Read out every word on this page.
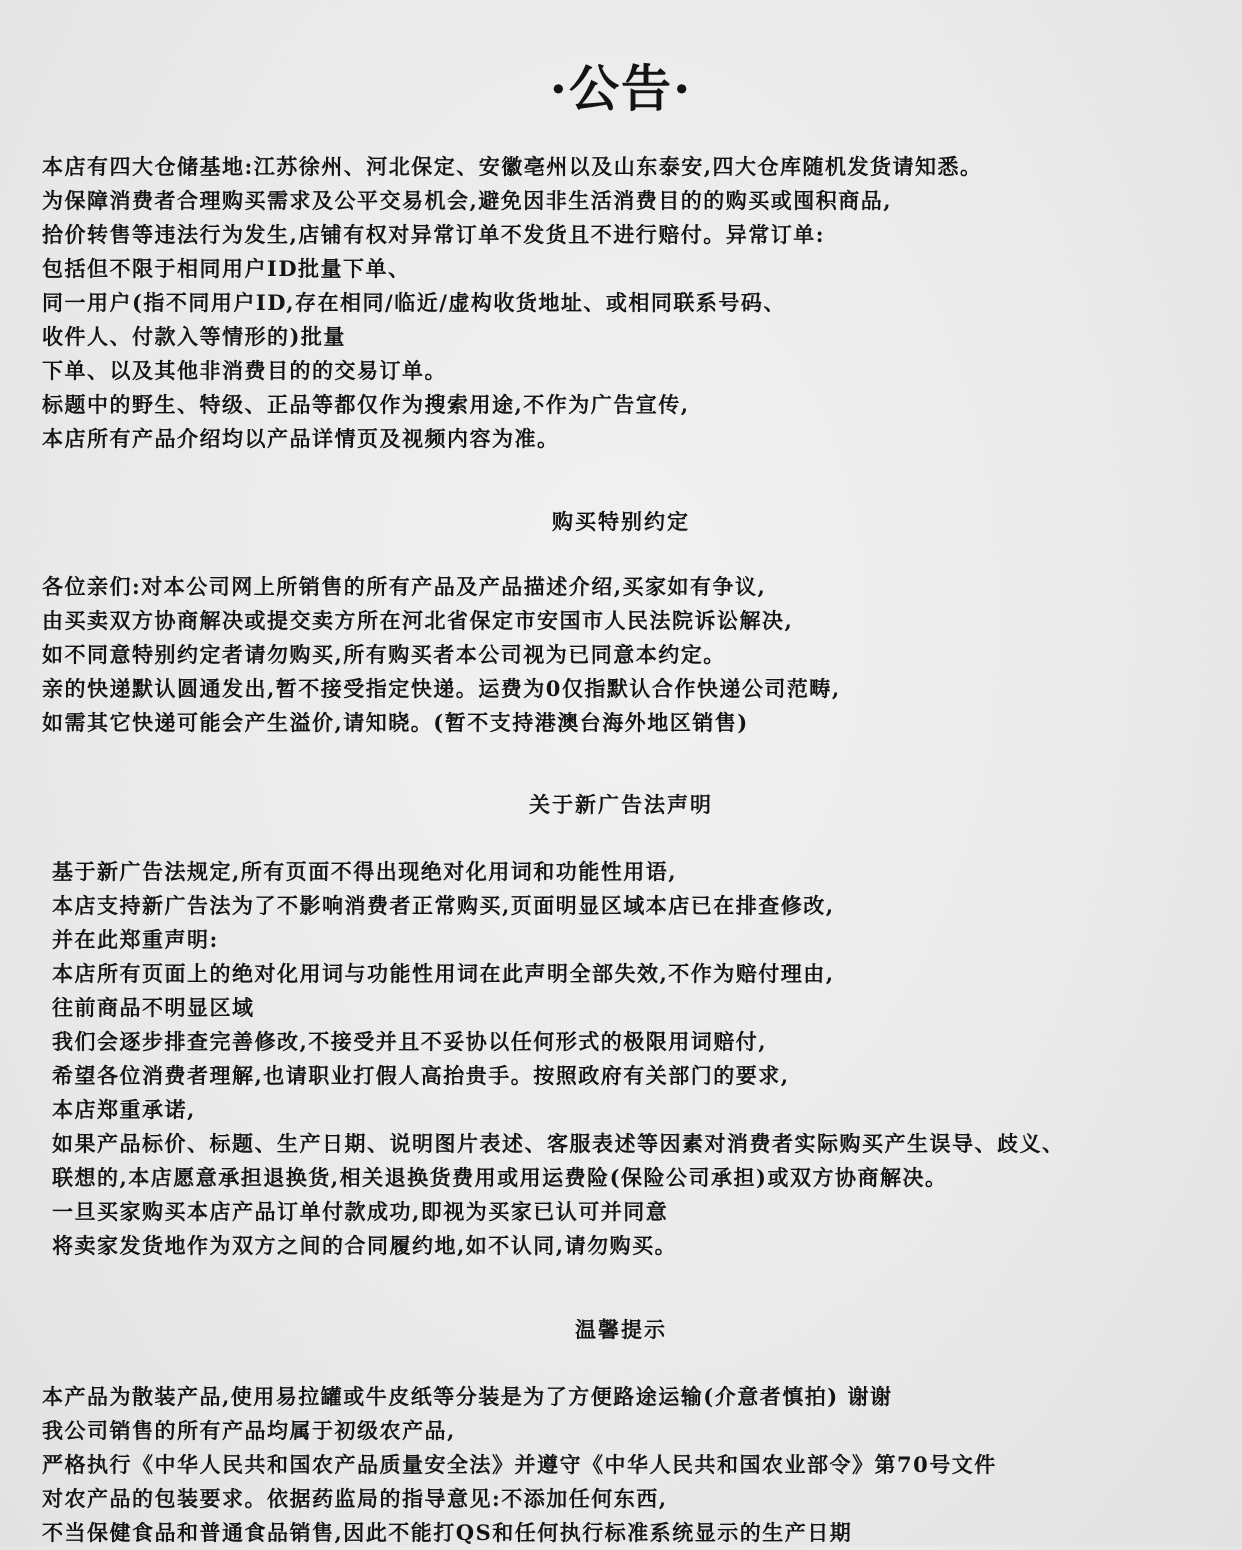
·公告·
本店有四大仓储基地:江苏徐州、河北保定、安徽亳州以及山东泰安,四大仓库随机发货请知悉。
为保障消费者合理购买需求及公平交易机会,避免因非生活消费目的的购买或囤积商品,
拾价转售等违法行为发生,店铺有权对异常订单不发货且不进行赔付。异常订单:
包括但不限于相同用户ID批量下单、
同一用户(指不同用户ID,存在相同/临近/虚构收货地址、或相同联系号码、
收件人、付款入等情形的)批量
下单、以及其他非消费目的的交易订单。
标题中的野生、特级、正品等都仅作为搜索用途,不作为广告宣传,
本店所有产品介绍均以产品详情页及视频内容为准。
购买特别约定
各位亲们:对本公司网上所销售的所有产品及产品描述介绍,买家如有争议,
由买卖双方协商解决或提交卖方所在河北省保定市安国市人民法院诉讼解决,
如不同意特别约定者请勿购买,所有购买者本公司视为已同意本约定。
亲的快递默认圆通发出,暂不接受指定快递。运费为0仅指默认合作快递公司范畴,
如需其它快递可能会产生溢价,请知晓。(暂不支持港澳台海外地区销售)
关于新广告法声明
基于新广告法规定,所有页面不得出现绝对化用词和功能性用语,
本店支持新广告法为了不影响消费者正常购买,页面明显区域本店已在排查修改,
并在此郑重声明:
本店所有页面上的绝对化用词与功能性用词在此声明全部失效,不作为赔付理由,
往前商品不明显区域
我们会逐步排查完善修改,不接受并且不妥协以任何形式的极限用词赔付,
希望各位消费者理解,也请职业打假人高抬贵手。按照政府有关部门的要求,
本店郑重承诺,
如果产品标价、标题、生产日期、说明图片表述、客服表述等因素对消费者实际购买产生误导、歧义、
联想的,本店愿意承担退换货,相关退换货费用或用运费险(保险公司承担)或双方协商解决。
一旦买家购买本店产品订单付款成功,即视为买家已认可并同意
将卖家发货地作为双方之间的合同履约地,如不认同,请勿购买。
温馨提示
本产品为散装产品,使用易拉罐或牛皮纸等分装是为了方便路途运输(介意者慎拍) 谢谢
我公司销售的所有产品均属于初级农产品,
严格执行《中华人民共和国农产品质量安全法》并遵守《中华人民共和国农业部令》第70号文件
对农产品的包装要求。依据药监局的指导意见:不添加任何东西,
不当保健食品和普通食品销售,因此不能打QS和任何执行标准系统显示的生产日期
